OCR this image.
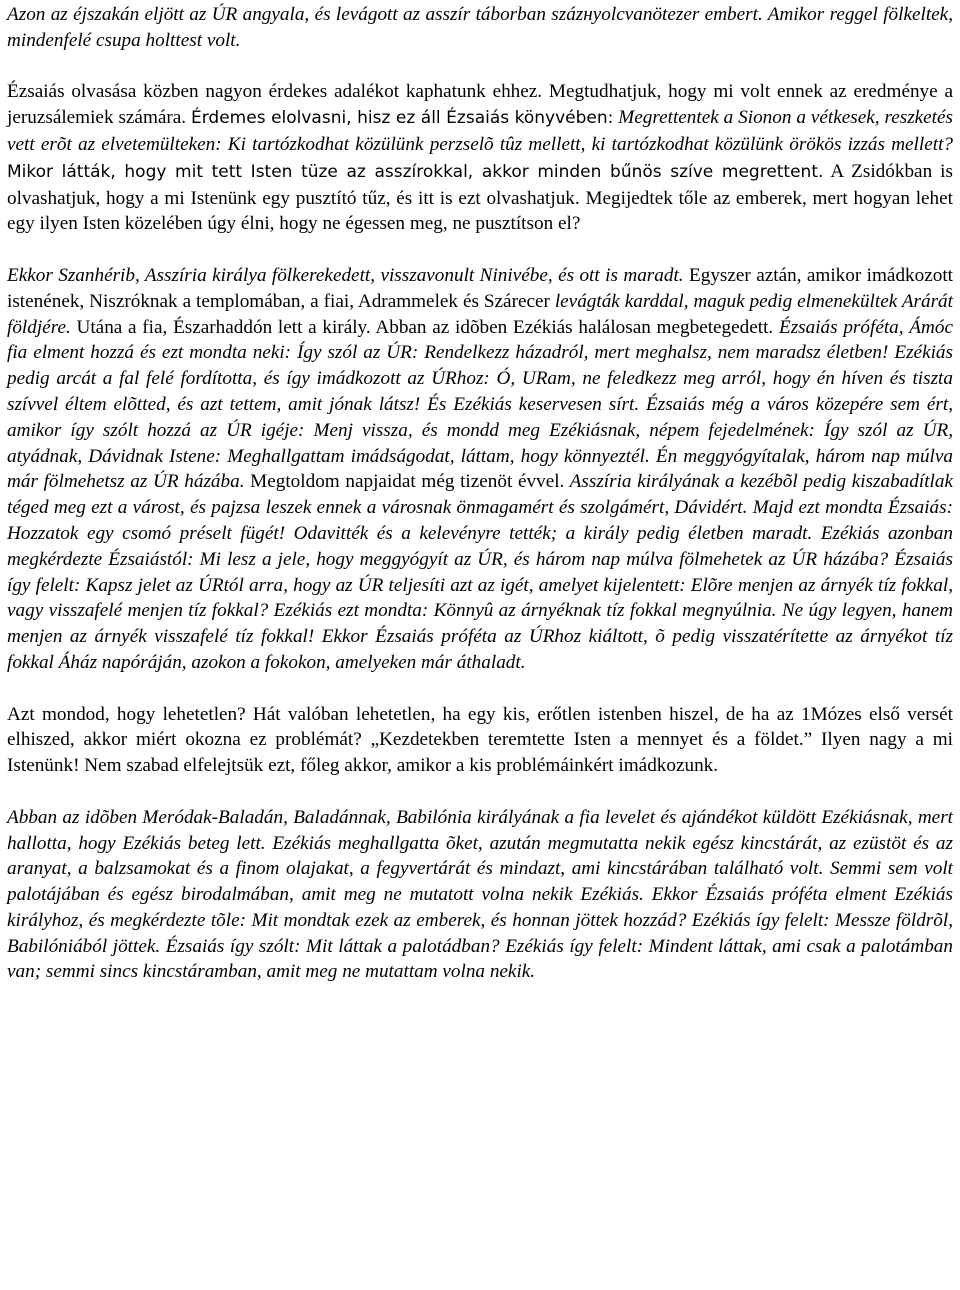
Azon az éjszakán eljött az ÚR angyala, és levágott az asszír táborban százнyolcvanötezer embert. Amikor reggel fölkeltek, mindenfelé csupa holttest volt.

Ézsaiás olvasása közben nagyon érdekes adalékot kaphatunk ehhez. Megtudhatjuk, hogy mi volt ennek az eredménye a jeruzsálemiek számára. Érdemes elolvasni, hisz ez áll Ézsaiás könyvében: Megrettentek a Sionon a vétkesek, reszketés vett erõt az elvetemülteken: Ki tartózkodhat közülünk perzselõ tûz mellett, ki tartózkodhat közülünk örökös izzás mellett? Mikor látták, hogy mit tett Isten tüze az asszírokkal, akkor minden bűnös szíve megrettent. A Zsidókban is olvashatjuk, hogy a mi Istenünk egy pusztító tűz, és itt is ezt olvashatjuk. Megijedtek tőle az emberek, mert hogyan lehet egy ilyen Isten közelében úgy élni, hogy ne égessen meg, ne pusztítson el?

Ekkor Szanhérib, Asszíria királya fölkerekedett, visszavonult Ninivébe, és ott is maradt. Egyszer aztán, amikor imádkozott istenének, Niszróknak a templomában, a fiai, Adrammelek és Szárecer levágták karddal, maguk pedig elmenekültek Arárát földjére. Utána a fia, Észarhaddón lett a király. Abban az idõben Ezékiás halálosan megbetegedett. Ézsaiás próféta, Ámóc fia elment hozzá és ezt mondta neki: Így szól az ÚR: Rendelkezz házadról, mert meghalsz, nem maradsz életben! Ezékiás pedig arcát a fal felé fordította, és így imádkozott az ÚRhoz: Ó, URam, ne feledkezz meg arról, hogy én híven és tiszta szívvel éltem elõtted, és azt tettem, amit jónak látsz! És Ezékiás keservesen sírt. Ézsaiás még a város közepére sem ért, amikor így szólt hozzá az ÚR igéje: Menj vissza, és mondd meg Ezékiásnak, népem fejedelmének: Így szól az ÚR, atyádnak, Dávidnak Istene: Meghallgattam imádságodat, láttam, hogy könnyeztél. Én meggyógyítalak, három nap múlva már fölmehetsz az ÚR házába. Megtoldom napjaidat még tizenöt évvel. Asszíria királyának a kezébõl pedig kiszabadítlak téged meg ezt a várost, és pajzsa leszek ennek a városnak önmagamért és szolgámért, Dávidért. Majd ezt mondta Ézsaiás: Hozzatok egy csomó préselt fügét! Odavitték és a kelevényre tették; a király pedig életben maradt. Ezékiás azonban megkérdezte Ézsaiástól: Mi lesz a jele, hogy meggyógyít az ÚR, és három nap múlva fölmehetek az ÚR házába? Ézsaiás így felelt: Kapsz jelet az ÚRtól arra, hogy az ÚR teljesíti azt az igét, amelyet kijelentett: Elõre menjen az árnyék tíz fokkal, vagy visszafelé menjen tíz fokkal? Ezékiás ezt mondta: Könnyû az árnyéknak tíz fokkal megnyúlnia. Ne úgy legyen, hanem menjen az árnyék visszafelé tíz fokkal! Ekkor Ézsaiás próféta az ÚRhoz kiáltott, õ pedig visszatérítette az árnyékot tíz fokkal Áház napóráján, azokon a fokokon, amelyeken már áthaladt.

Azt mondod, hogy lehetetlen? Hát valóban lehetetlen, ha egy kis, erőtlen istenben hiszel, de ha az 1Mózes első versét elhiszed, akkor miért okozna ez problémát? „Kezdetekben teremtette Isten a mennyet és a földet.” Ilyen nagy a mi Istenünk! Nem szabad elfelejtsük ezt, főleg akkor, amikor a kis problémáinkért imádkozunk.

Abban az idõben Meródak-Baladán, Baladánnak, Babilónia királyának a fia levelet és ajándékot küldött Ezékiásnak, mert hallotta, hogy Ezékiás beteg lett. Ezékiás meghallgatta õket, azután megmutatta nekik egész kincstárát, az ezüstöt és az aranyat, a balzsamokat és a finom olajakat, a fegyvertárát és mindazt, ami kincstárában található volt. Semmi sem volt palotájában és egész birodalmában, amit meg ne mutatott volna nekik Ezékiás. Ekkor Ézsaiás próféta elment Ezékiás királyhoz, és megkérdezte tõle: Mit mondtak ezek az emberek, és honnan jöttek hozzád? Ezékiás így felelt: Messze földrõl, Babilóniából jöttek. Ézsaiás így szólt: Mit láttak a palotádban? Ezékiás így felelt: Mindent láttak, ami csak a palotámban van; semmi sincs kincstáramban, amit meg ne mutattam volna nekik.
